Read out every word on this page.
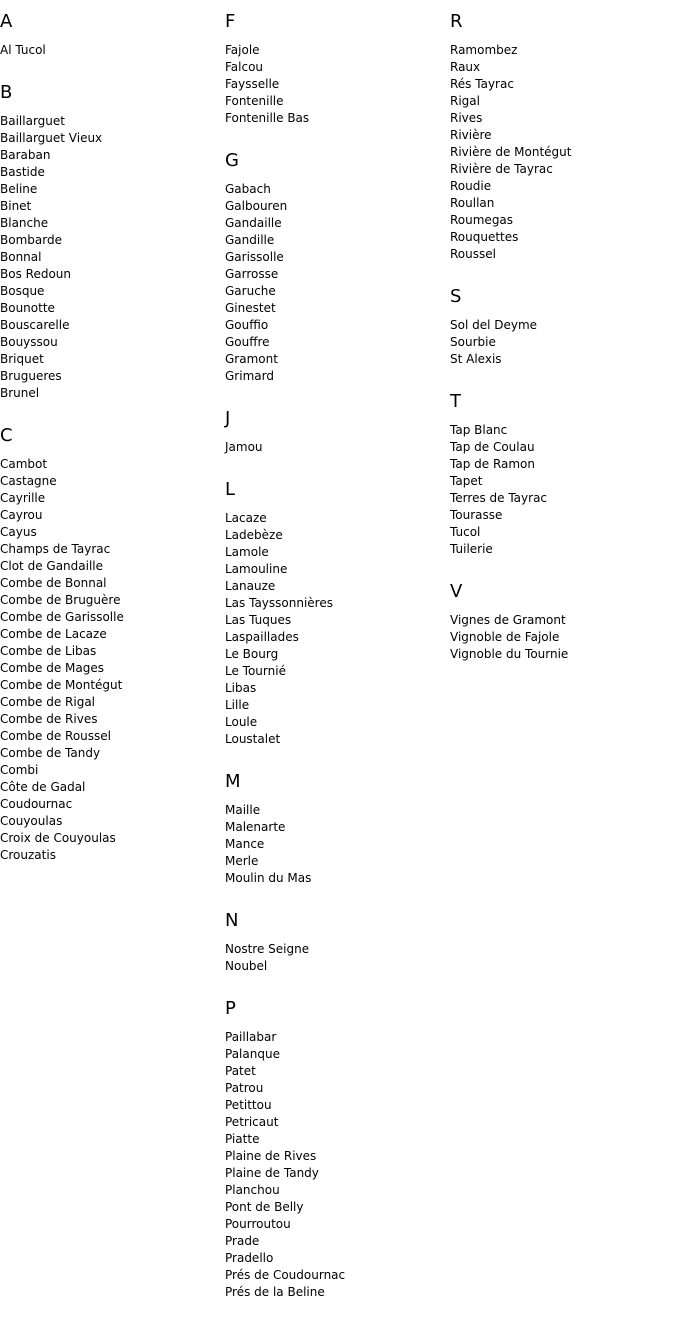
A
Al Tucol
B
Baillarguet
Baillarguet Vieux
Baraban
Bastide
Beline
Binet
Blanche
Bombarde
Bonnal
Bos Redoun
Bosque
Bounotte
Bouscarelle
Bouyssou
Briquet
Brugueres
Brunel
C
Cambot
Castagne
Cayrille
Cayrou
Cayus
Champs de Tayrac
Clot de Gandaille
Combe de Bonnal
Combe de Bruguère
Combe de Garissolle
Combe de Lacaze
Combe de Libas
Combe de Mages
Combe de Montégut
Combe de Rigal
Combe de Rives
Combe de Roussel
Combe de Tandy
Combi
Côte de Gadal
Coudournac
Couyoulas
Croix de Couyoulas
Crouzatis
F
Fajole
Falcou
Faysselle
Fontenille
Fontenille Bas
G
Gabach
Galbouren
Gandaille
Gandille
Garissolle
Garrosse
Garuche
Ginestet
Gouffio
Gouffre
Gramont
Grimard
J
Jamou
L
Lacaze
Ladebèze
Lamole
Lamouline
Lanauze
Las Tayssonnières
Las Tuques
Laspaillades
Le Bourg
Le Tournié
Libas
Lille
Loule
Loustalet
M
Maille
Malenarte
Mance
Merle
Moulin du Mas
N
Nostre Seigne
Noubel
P
Paillabar
Palanque
Patet
Patrou
Petittou
Petricaut
Piatte
Plaine de Rives
Plaine de Tandy
Planchou
Pont de Belly
Pourroutou
Prade
Pradello
Prés de Coudournac
Prés de la Beline
R
Ramombez
Raux
Rés Tayrac
Rigal
Rives
Rivière
Rivière de Montégut
Rivière de Tayrac
Roudie
Roullan
Roumegas
Rouquettes
Roussel
S
Sol del Deyme
Sourbie
St Alexis
T
Tap Blanc
Tap de Coulau
Tap de Ramon
Tapet
Terres de Tayrac
Tourasse
Tucol
Tuilerie
V
Vignes de Gramont
Vignoble de Fajole
Vignoble du Tournie
